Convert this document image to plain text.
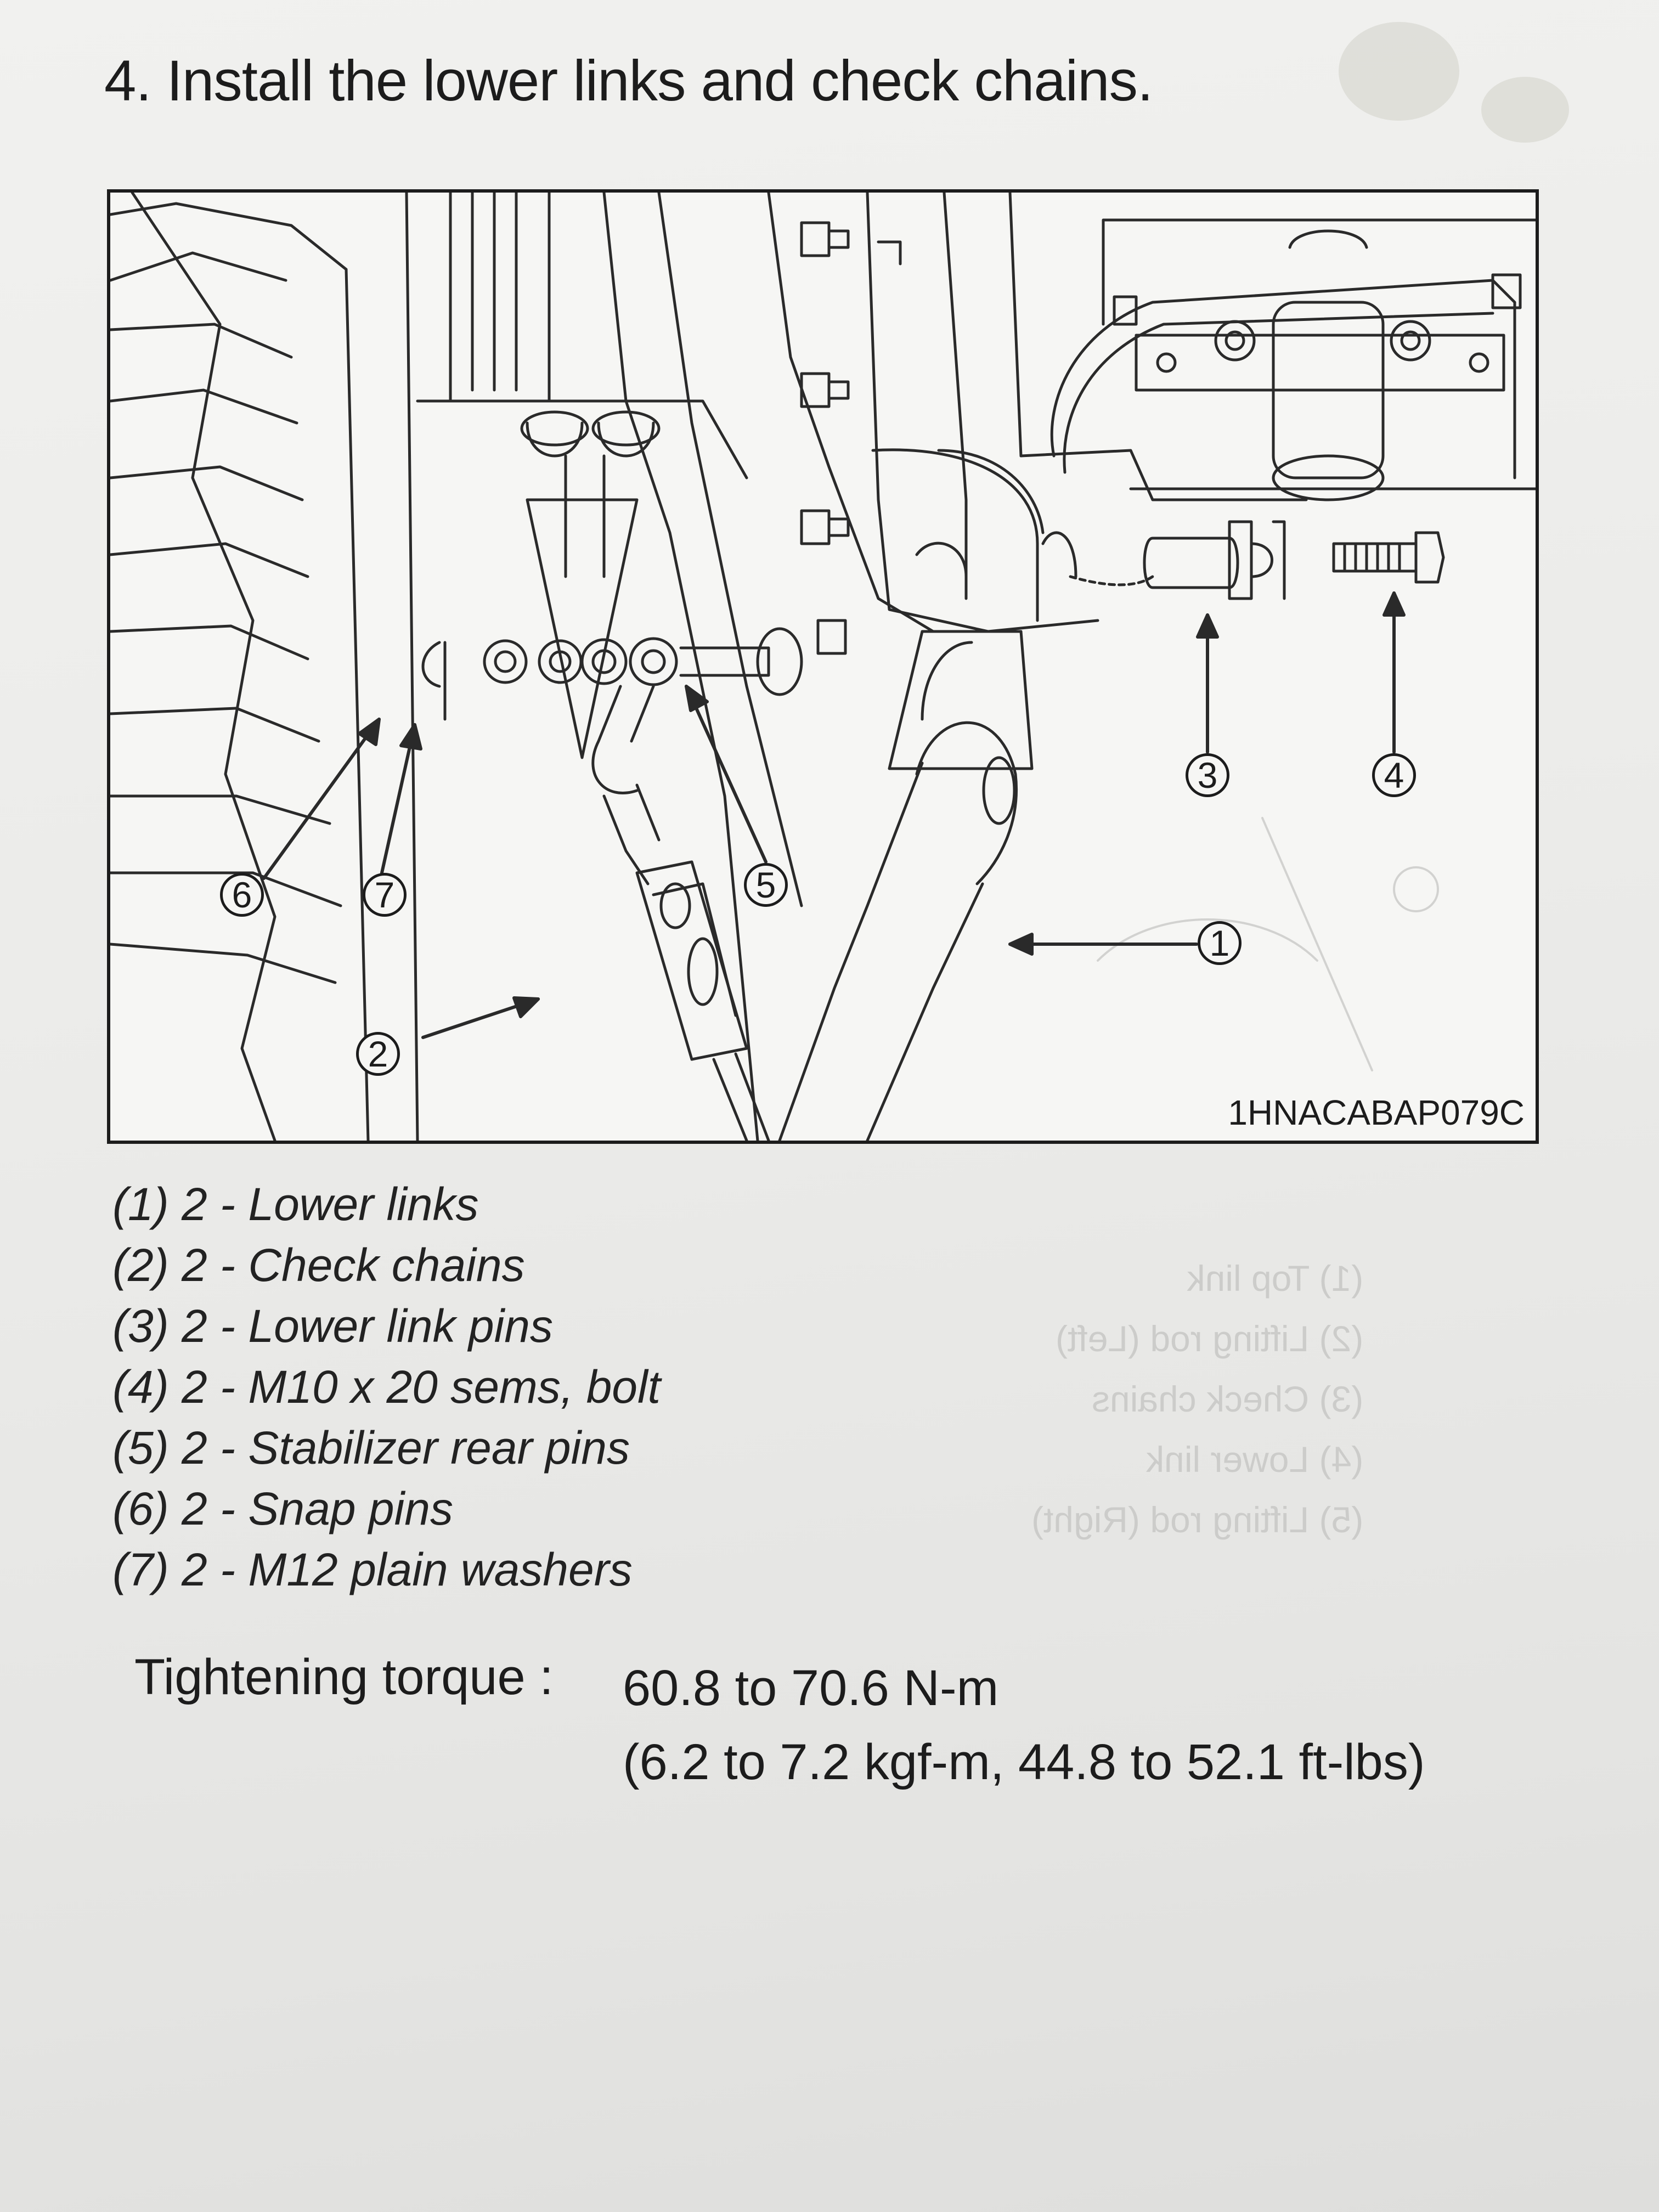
4. Install the lower links and check chains.
1
2
3	4
5
6	7
1HNACABAP079C
(1) 2 - Lower links
(2) 2 - Check chains
(3) 2 - Lower link pins
(4) 2 - M10 x 20 sems, bolt
(5) 2 - Stabilizer rear pins
(6) 2 - Snap pins
(7) 2 - M12 plain washers
(1) Top link
(2) Lifting rod (Left)
(3) Check chains
(4) Lower link
(5) Lifting rod (Right)
Tightening torque : 60.8 to 70.6 N-m
(6.2 to 7.2 kgf-m, 44.8 to 52.1 ft-lbs)
